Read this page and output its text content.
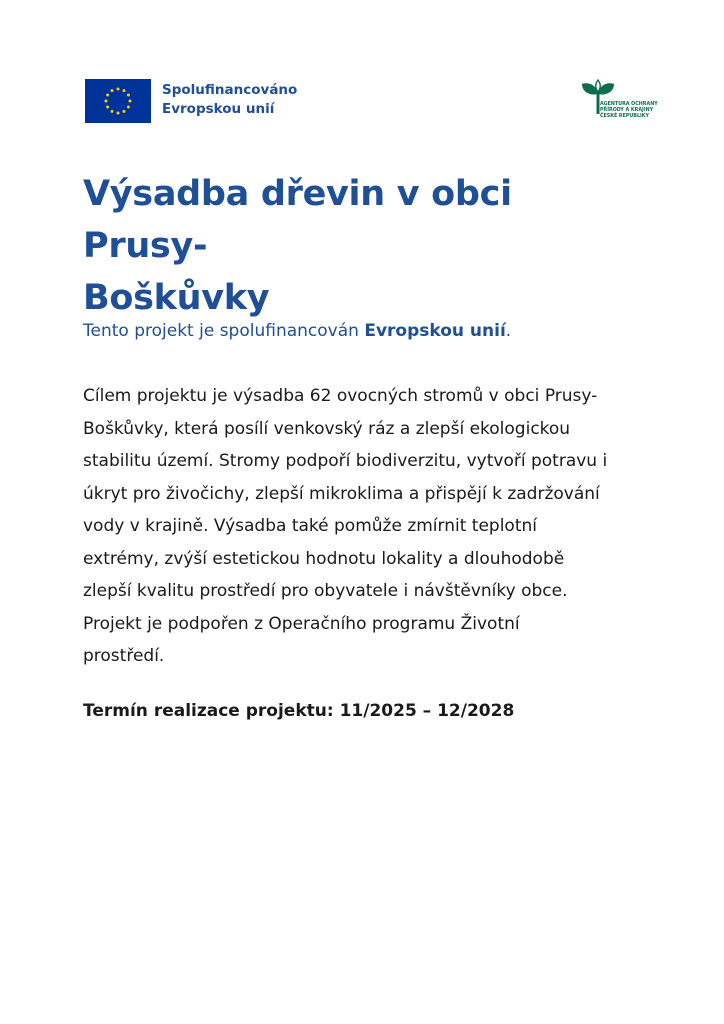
Spolufinancováno
Evropskou unií	AGENTURA OCHRANY
PŘÍRODY A KRAJINY
ČESKÉ REPUBLIKY
Výsadba dřevin v obci Prusy-
Boškůvky

Tento projekt je spolufinancován Evropskou unií.

Cílem projektu je výsadba 62 ovocných stromů v obci Prusy-
Boškůvky, která posílí venkovský ráz a zlepší ekologickou
stabilitu území. Stromy podpoří biodiverzitu, vytvoří potravu i
úkryt pro živočichy, zlepší mikroklima a přispějí k zadržování
vody v krajině. Výsadba také pomůže zmírnit teplotní
extrémy, zvýší estetickou hodnotu lokality a dlouhodobě
zlepší kvalitu prostředí pro obyvatele i návštěvníky obce.
Projekt je podpořen z Operačního programu Životní
prostředí.

Termín realizace projektu: 11/2025 – 12/2028
